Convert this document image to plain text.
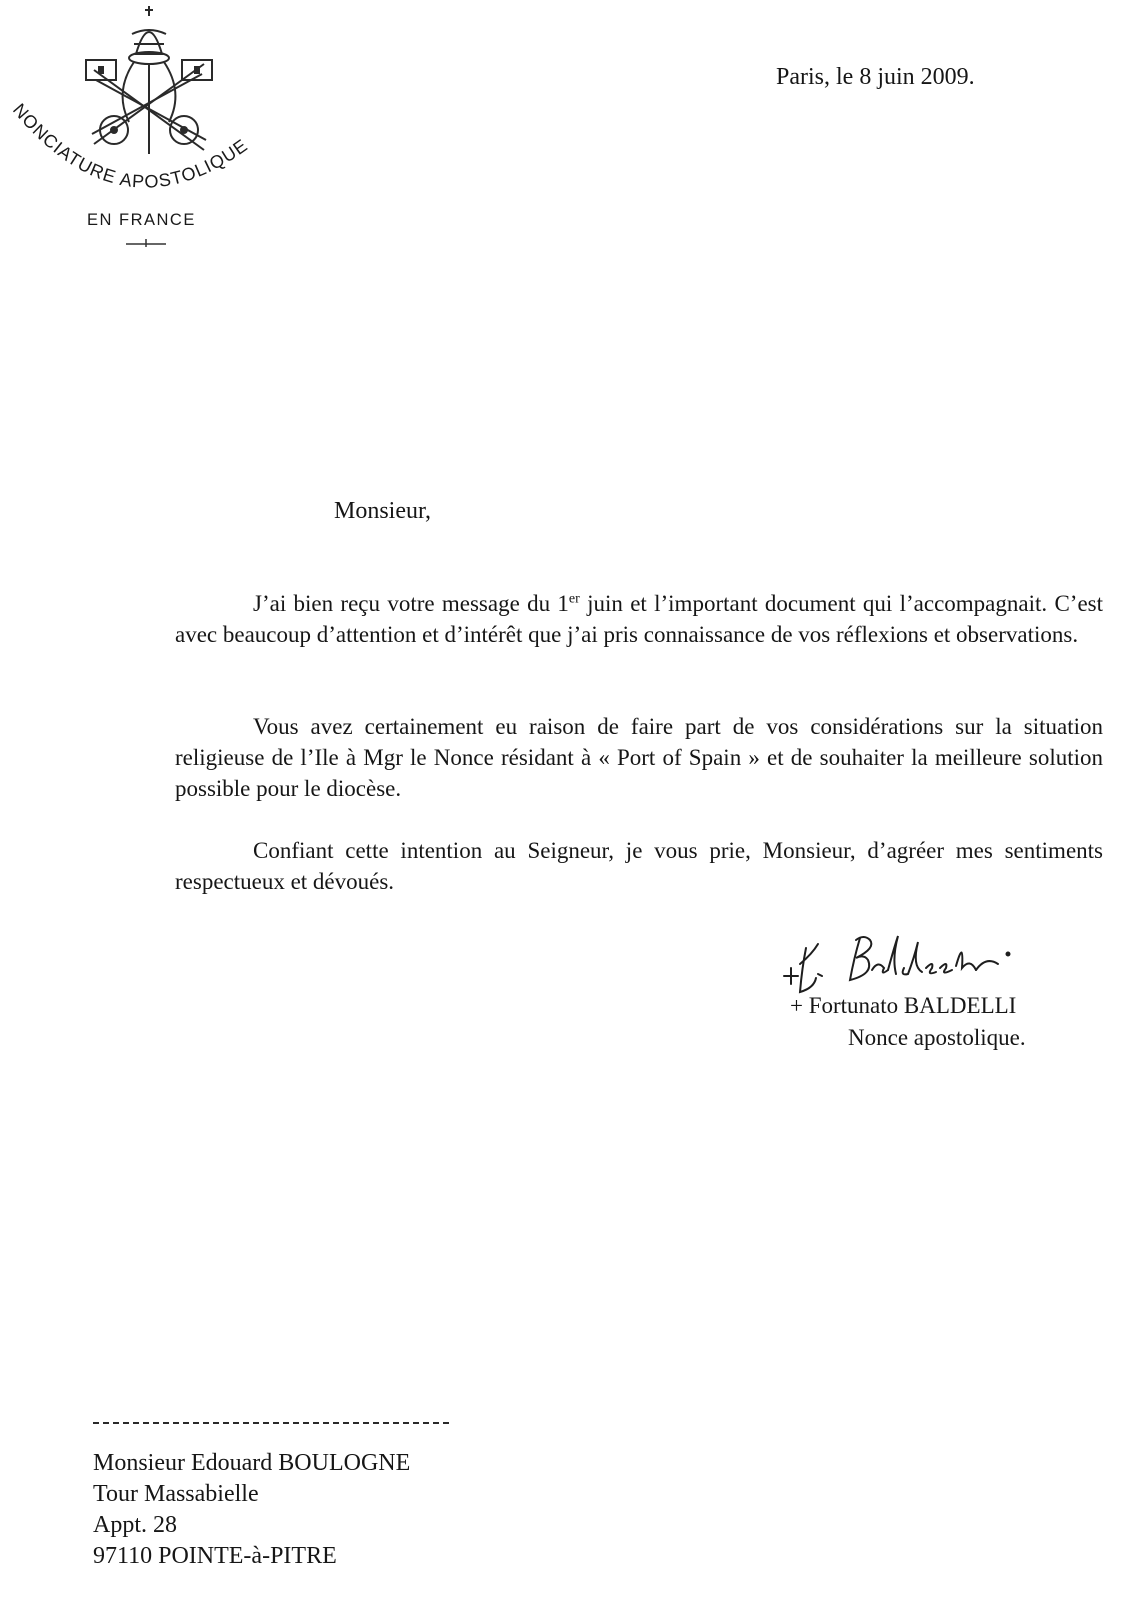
NONCIATURE APOSTOLIQUE
EN FRANCE
Paris, le 8 juin 2009.
Monsieur,
J’ai bien reçu votre message du 1er juin et l’important document qui l’accompagnait. C’est avec beaucoup d’attention et d’intérêt que j’ai pris connaissance de vos réflexions et observations.
Vous avez certainement eu raison de faire part de vos considérations sur la situation religieuse de l’Ile à Mgr le Nonce résidant à « Port of Spain » et de souhaiter la meilleure solution possible pour le diocèse.
Confiant cette intention au Seigneur, je vous prie, Monsieur, d’agréer mes sentiments respectueux et dévoués.
+ Fortunato BALDELLI
Nonce apostolique.
Monsieur Edouard BOULOGNE
Tour Massabielle
Appt. 28
97110 POINTE-à-PITRE
